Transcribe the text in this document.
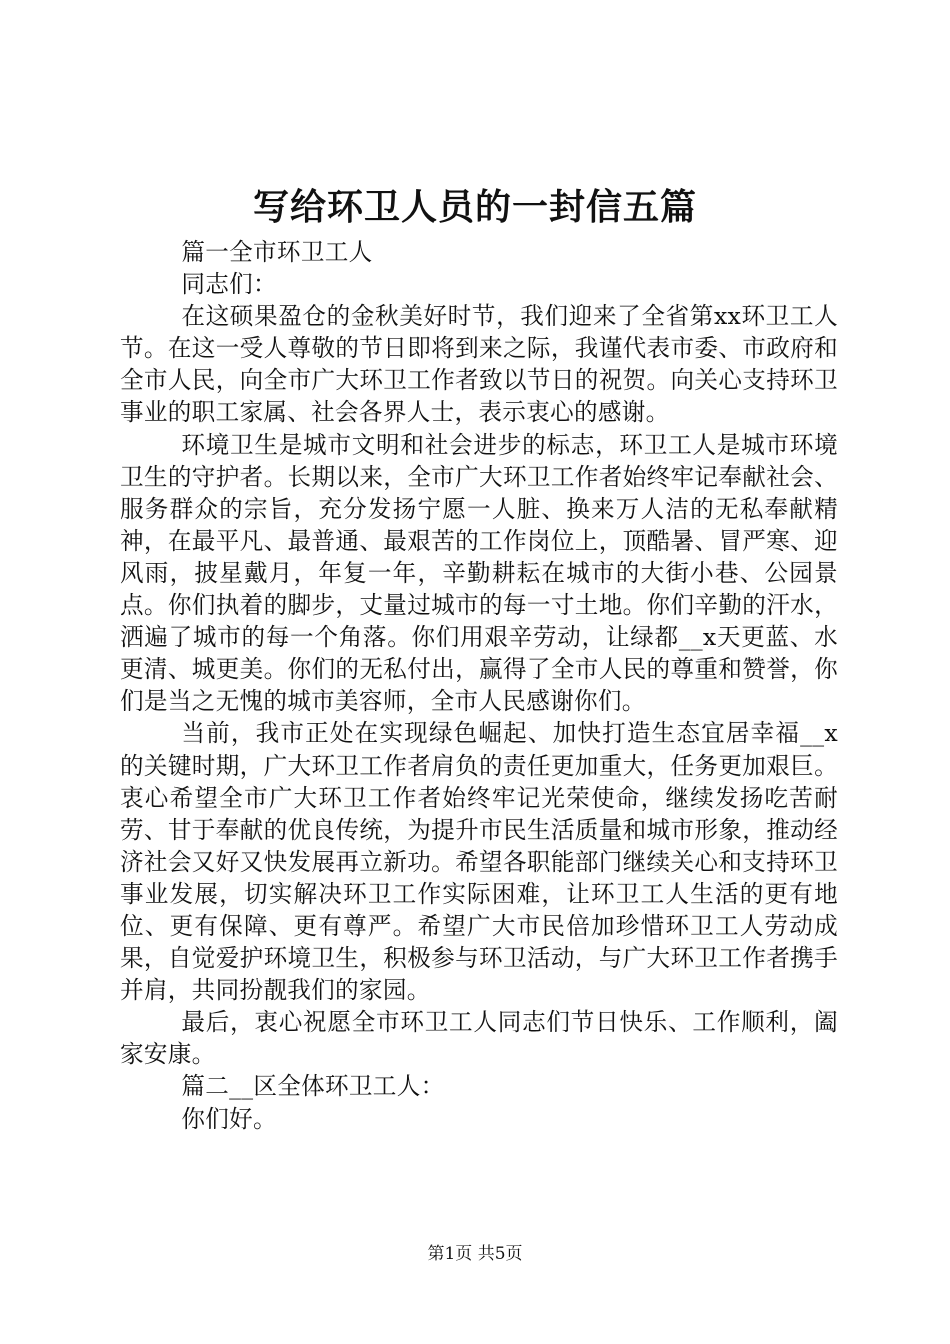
写给环卫人员的一封信五篇

篇一全市环卫工人

同志们：

在这硕果盈仓的金秋美好时节，我们迎来了全省第xx环卫工人节。在这一受人尊敬的节日即将到来之际，我谨代表市委、市政府和全市人民，向全市广大环卫工作者致以节日的祝贺。向关心支持环卫事业的职工家属、社会各界人士，表示衷心的感谢。

环境卫生是城市文明和社会进步的标志，环卫工人是城市环境卫生的守护者。长期以来，全市广大环卫工作者始终牢记奉献社会、服务群众的宗旨，充分发扬宁愿一人脏、换来万人洁的无私奉献精神，在最平凡、最普通、最艰苦的工作岗位上，顶酷暑、冒严寒、迎风雨，披星戴月，年复一年，辛勤耕耘在城市的大街小巷、公园景点。你们执着的脚步，丈量过城市的每一寸土地。你们辛勤的汗水，洒遍了城市的每一个角落。你们用艰辛劳动，让绿都__x天更蓝、水更清、城更美。你们的无私付出，赢得了全市人民的尊重和赞誉，你们是当之无愧的城市美容师，全市人民感谢你们。

当前，我市正处在实现绿色崛起、加快打造生态宜居幸福__x的关键时期，广大环卫工作者肩负的责任更加重大，任务更加艰巨。衷心希望全市广大环卫工作者始终牢记光荣使命，继续发扬吃苦耐劳、甘于奉献的优良传统，为提升市民生活质量和城市形象，推动经济社会又好又快发展再立新功。希望各职能部门继续关心和支持环卫事业发展，切实解决环卫工作实际困难，让环卫工人生活的更有地位、更有保障、更有尊严。希望广大市民倍加珍惜环卫工人劳动成果，自觉爱护环境卫生，积极参与环卫活动，与广大环卫工作者携手并肩，共同扮靓我们的家园。

最后，衷心祝愿全市环卫工人同志们节日快乐、工作顺利，阖家安康。

篇二__区全体环卫工人：

你们好。

第1页 共5页
